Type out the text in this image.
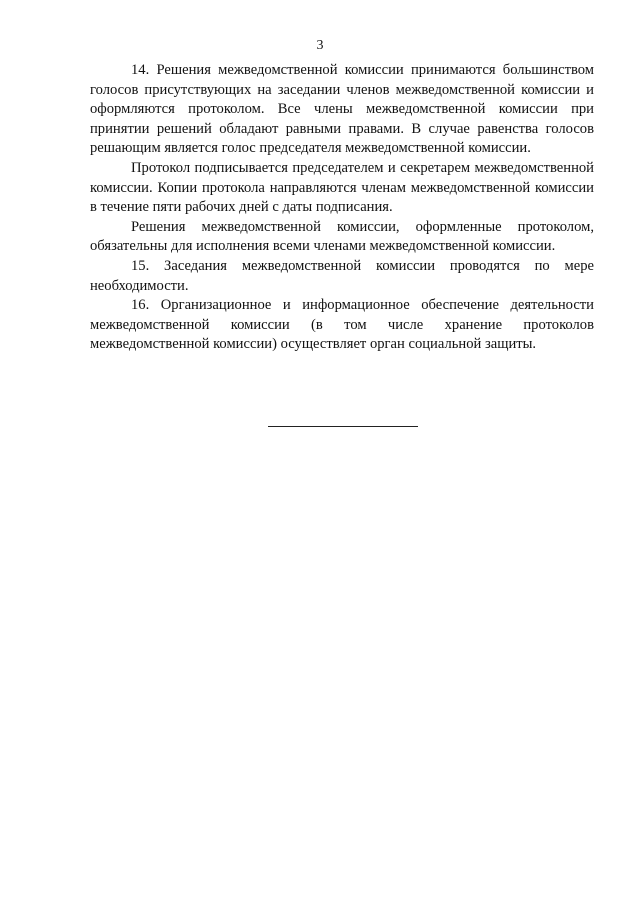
3

14. Решения межведомственной комиссии принимаются большинством голосов присутствующих на заседании членов межведомственной комиссии и оформляются протоколом. Все члены межведомственной комиссии при принятии решений обладают равными правами. В случае равенства голосов решающим является голос председателя межведомственной комиссии.

Протокол подписывается председателем и секретарем межведомственной комиссии. Копии протокола направляются членам межведомственной комиссии в течение пяти рабочих дней с даты подписания.

Решения межведомственной комиссии, оформленные протоколом, обязательны для исполнения всеми членами межведомственной комиссии.

15. Заседания межведомственной комиссии проводятся по мере необходимости.

16. Организационное и информационное обеспечение деятельности межведомственной комиссии (в том числе хранение протоколов межведомственной комиссии) осуществляет орган социальной защиты.
